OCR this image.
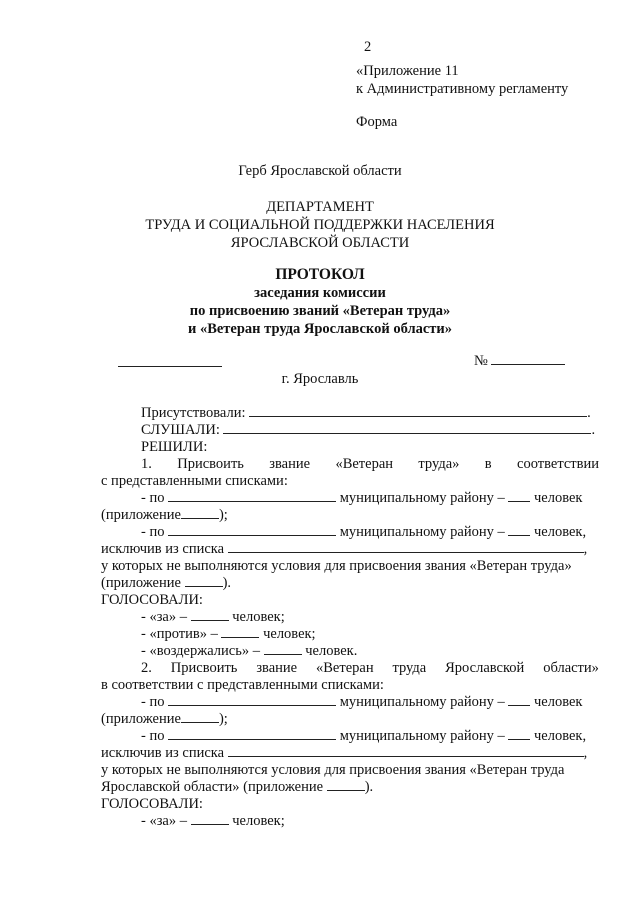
2
«Приложение 11
к Административному регламенту
Форма
Герб Ярославской области
ДЕПАРТАМЕНТ
ТРУДА И СОЦИАЛЬНОЙ ПОДДЕРЖКИ НАСЕЛЕНИЯ
ЯРОСЛАВСКОЙ ОБЛАСТИ
ПРОТОКОЛ
заседания комиссии
по присвоению званий «Ветеран труда»
и «Ветеран труда Ярославской области»
№
г. Ярославль
Присутствовали:	.
СЛУШАЛИ:	.
РЕШИЛИ:
1. Присвоить звание «Ветеран труда» в соответствии
с представленными списками:
- по	муниципальному району – человек
(приложение	);
- по	муниципальному району – человек,
исключив из списка	,
у которых не выполняются условия для присвоения звания «Ветеран труда»
(приложение	).
ГОЛОСОВАЛИ:
- «за» –	человек;
- «против» –	человек;
- «воздержались» –	человек.
2. Присвоить звание «Ветеран труда Ярославской области»
в соответствии с представленными списками:
- по	муниципальному району – человек
(приложение	);
- по	муниципальному району – человек,
исключив из списка	,
у которых не выполняются условия для присвоения звания «Ветеран труда
Ярославской области» (приложение	).
ГОЛОСОВАЛИ:
- «за» –	человек;
